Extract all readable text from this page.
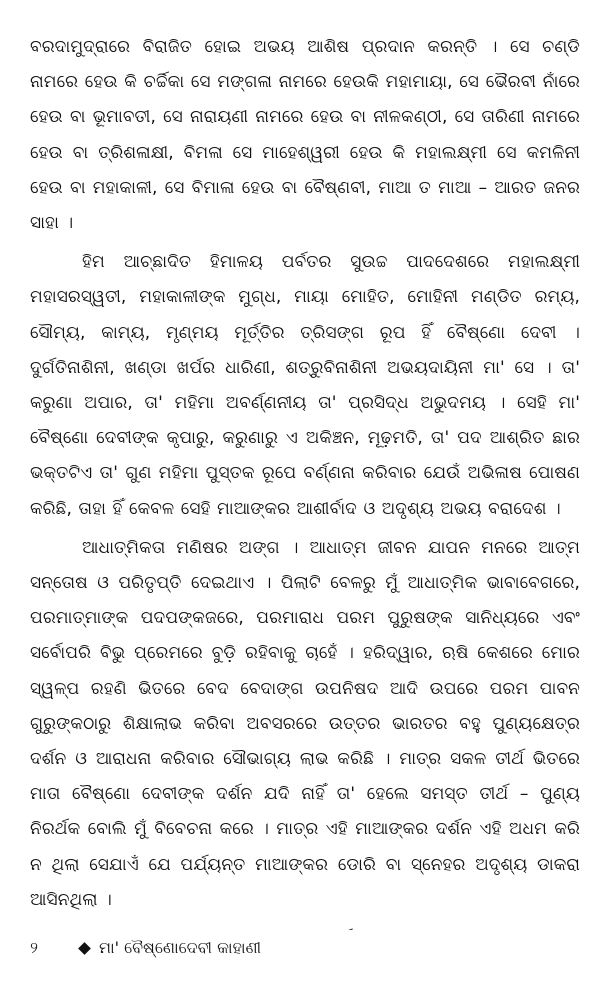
ବରଦାମୁଦ୍ରାରେ ବିରାଜିତ ହୋଇ ଅଭୟ ଆଶିଷ ପ୍ରଦାନ କରନ୍ତି । ସେ ଚଣ୍ଡି ନାମରେ ହେଉ କି ଚର୍ଚ୍ଚିକା ସେ ମଙ୍ଗଳା ନାମରେ ହେଉକି ମହାମାୟା, ସେ ଭୈରବୀ ନାଁରେ ହେଉ ବା ଭୂମାବତୀ, ସେ ନାରାୟଣୀ ନାମରେ ହେଉ ବା ନୀଳକଣ୍ଠୀ, ସେ ତାରିଣୀ ନାମରେ ହେଉ ବା ତ୍ରିଶଳାକ୍ଷୀ, ବିମଳା ସେ ମାହେଶ୍ୱରୀ ହେଉ କି ମହାଲକ୍ଷ୍ମୀ ସେ କମଳିନୀ ହେଉ ବା ମହାକାଳୀ, ସେ ବିମାଳା ହେଉ ବା ବୈଷ୍ଣବୀ, ମାଆ ତ ମାଆ – ଆରତ ଜନର ସାହା ।

ହିମ ଆଚ୍ଛାଦିତ ହିମାଳୟ ପର୍ବତର ସୁଉଚ୍ଚ ପାଦଦେଶରେ ମହାଲକ୍ଷ୍ମୀ ମହାସରସ୍ୱତୀ, ମହାକାଳୀଙ୍କ ମୁଗ୍ଧ, ମାୟା ମୋହିତ, ମୋହିନୀ ମଣ୍ଡିତ ରମ୍ୟ, ସୌମ୍ୟ, କାମ୍ୟ, ମୃଣ୍ମୟ ମୂର୍ତ୍ତିର ତ୍ରିସଙ୍ଗ ରୂପ ହିଁ ବୈଷ୍ଣୋ ଦେବୀ । ଦୁର୍ଗତିନାଶିନୀ, ଖଣ୍ଡା ଖର୍ପର ଧାରିଣୀ, ଶତ୍ରୁବିନାଶିନୀ ଅଭୟଦାୟିନୀ ମା' ସେ । ତା' କରୁଣା ଅପାର, ତା' ମହିମା ଅବର୍ଣ୍ଣନୀୟ ତା' ପ୍ରସିଦ୍ଧ ଅଭୁଦମୟ । ସେହି ମା' ବୈଷ୍ଣୋ ଦେବୀଙ୍କ କୃପାରୁ, କରୁଣାରୁ ଏ ଅକିଞ୍ଚନ, ମୂଢ଼ମତି, ତା' ପଦ ଆଶ୍ରିତ ଛାର ଭକ୍ତଟିଏ ତା' ଗୁଣ ମହିମା ପୁସ୍ତକ ରୂପେ ବର୍ଣ୍ଣନା କରିବାର ଯେଉଁ ଅଭିଳାଷ ପୋଷଣ କରିଛି, ତାହା ହିଁ କେବଳ ସେହି ମାଆଙ୍କର ଆଶୀର୍ବାଦ ଓ ଅଦୃଶ୍ୟ ଅଭୟ ବରାଦେଶ ।

ଆଧାତ୍ମିକତା ମଣିଷର ଅଙ୍ଗ । ଆଧାତ୍ମ ଜୀବନ ଯାପନ ମନରେ ଆତ୍ମ ସନ୍ତୋଷ ଓ ପରିତୃପ୍ତି ଦେଇଥାଏ । ପିଲାଟି ବେଳରୁ ମୁଁ ଆଧାତ୍ମିକ ଭାବାବେଗରେ, ପରମାତ୍ମାଙ୍କ ପଦପଙ୍କଜରେ, ପରମାରାଧ ପରମ ପୁରୁଷଙ୍କ ସାନିଧ୍ୟରେ ଏବଂ ସର୍ବୋପରି ବିଭୁ ପ୍ରେମରେ ବୁଡ଼ି ରହିବାକୁ ଚାହେଁ । ହରିଦ୍ୱାର, ଋଷି କେଶରେ ମୋର ସ୍ୱଳ୍ପ ରହଣି ଭିତରେ ବେଦ ବେଦାଙ୍ଗ ଉପନିଷଦ ଆଦି ଉପରେ ପରମ ପାବନ ଗୁରୁଙ୍କଠାରୁ ଶିକ୍ଷାଲାଭ କରିବା ଅବସରରେ ଉତ୍ତର ଭାରତର ବହୁ ପୁଣ୍ୟକ୍ଷେତ୍ର ଦର୍ଶନ ଓ ଆରାଧନା କରିବାର ସୌଭାଗ୍ୟ ଲାଭ କରିଛି । ମାତ୍ର ସକଳ ତୀର୍ଥ ଭିତରେ ମାତା ବୈଷ୍ଣୋ ଦେବୀଙ୍କ ଦର୍ଶନ ଯଦି ନାହିଁ ତା' ହେଲେ ସମସ୍ତ ତୀର୍ଥ – ପୁଣ୍ୟ ନିରର୍ଥକ ବୋଲି ମୁଁ ବିବେଚନା କରେ । ମାତ୍ର ଏହି ମାଆଙ୍କର ଦର୍ଶନ ଏହି ଅଧମ କରି ନ ଥିଲା ସେଯାଏଁ ଯେ ପର୍ଯ୍ୟନ୍ତ ମାଆଙ୍କର ଡୋରି ବା ସ୍ନେହର ଅଦୃଶ୍ୟ ଡାକରା ଆସିନଥିଲା ।

୨	ମା' ବୈଷ୍ଣୋଦେବୀ କାହାଣୀ
